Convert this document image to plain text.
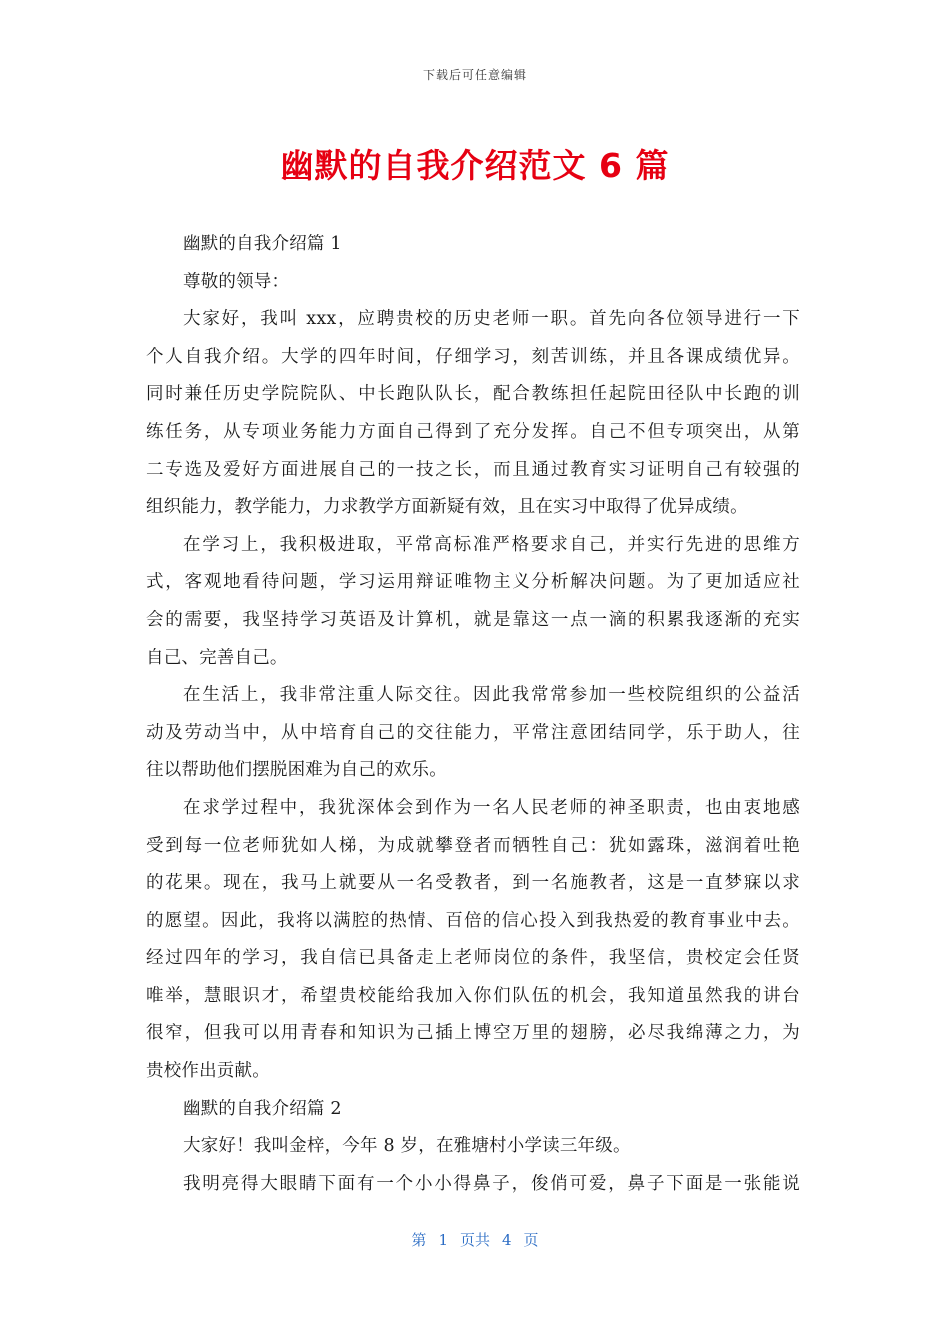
下载后可任意编辑
幽默的自我介绍范文 6 篇
幽默的自我介绍篇 1
尊敬的领导：
大家好，我叫 xxx，应聘贵校的历史老师一职。首先向各位领导进行一下
个人自我介绍。大学的四年时间，仔细学习，刻苦训练，并且各课成绩优异。
同时兼任历史学院院队、中长跑队队长，配合教练担任起院田径队中长跑的训
练任务，从专项业务能力方面自己得到了充分发挥。自己不但专项突出，从第
二专选及爱好方面进展自己的一技之长，而且通过教育实习证明自己有较强的
组织能力，教学能力，力求教学方面新疑有效，且在实习中取得了优异成绩。
在学习上，我积极进取，平常高标准严格要求自己，并实行先进的思维方
式，客观地看待问题，学习运用辩证唯物主义分析解决问题。为了更加适应社
会的需要，我坚持学习英语及计算机，就是靠这一点一滴的积累我逐渐的充实
自己、完善自己。
在生活上，我非常注重人际交往。因此我常常参加一些校院组织的公益活
动及劳动当中，从中培育自己的交往能力，平常注意团结同学，乐于助人，往
往以帮助他们摆脱困难为自己的欢乐。
在求学过程中，我犹深体会到作为一名人民老师的神圣职责，也由衷地感
受到每一位老师犹如人梯，为成就攀登者而牺牲自己：犹如露珠，滋润着吐艳
的花果。现在，我马上就要从一名受教者，到一名施教者，这是一直梦寐以求
的愿望。因此，我将以满腔的热情、百倍的信心投入到我热爱的教育事业中去。
经过四年的学习，我自信已具备走上老师岗位的条件，我坚信，贵校定会任贤
唯举，慧眼识才，希望贵校能给我加入你们队伍的机会，我知道虽然我的讲台
很窄，但我可以用青春和知识为己插上博空万里的翅膀，必尽我绵薄之力，为
贵校作出贡献。
幽默的自我介绍篇 2
大家好！我叫金梓，今年 8 岁，在雅塘村小学读三年级。
我明亮得大眼睛下面有一个小小得鼻子，俊俏可爱，鼻子下面是一张能说
第 1 页共 4 页
